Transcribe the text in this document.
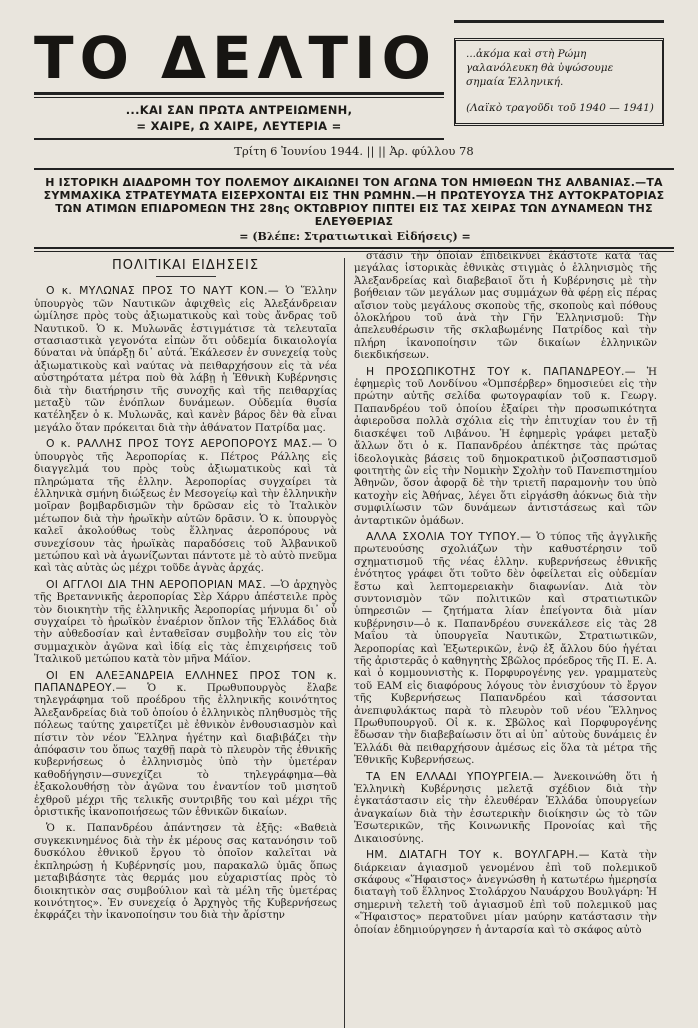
ΤΟ ΔΕΛΤΙΟ
...ΚΑΙ ΣΑΝ ΠΡΩΤΑ ΑΝΤΡΕΙΩΜΕΝΗ,
= ΧΑΙΡΕ, Ω ΧΑΙΡΕ, ΛΕΥΤΕΡΙΑ =
...ἀκόμα καὶ στὴ Ρώμη γαλανόλευκη θὰ ὑψώσουμε σημαία Ἑλληνική.
(Λαϊκὸ τραγοῦδι τοῦ 1940 — 1941)
Τρίτη 6 Ἰουνίου 1944. || || Ἀρ. φύλλου 78
Η ΙΣΤΟΡΙΚΗ ΔΙΑΔΡΟΜΗ ΤΟΥ ΠΟΛΕΜΟΥ ΔΙΚΑΙΩΝΕΙ ΤΟΝ ΑΓΩΝΑ ΤΟΝ ΗΜΙΘΕΩΝ ΤΗΣ ΑΛΒΑΝΙΑΣ.—ΤΑ ΣΥΜΜΑΧΙΚΑ ΣΤΡΑΤΕΥΜΑΤΑ ΕΙΣΕΡΧΟΝΤΑΙ ΕΙΣ ΤΗΝ ΡΩΜΗΝ.—Η ΠΡΩΤΕΥΟΥΣΑ ΤΗΣ ΑΥΤΟΚΡΑΤΟΡΙΑΣ ΤΩΝ ΑΤΙΜΩΝ ΕΠΙΔΡΟΜΕΩΝ ΤΗΣ 28ης ΟΚΤΩΒΡΙΟΥ ΠΙΠΤΕΙ ΕΙΣ ΤΑΣ ΧΕΙΡΑΣ ΤΩΝ ΔΥΝΑΜΕΩΝ ΤΗΣ ΕΛΕΥΘΕΡΙΑΣ
= (Βλέπε: Στρατιωτικαὶ Εἰδήσεις) =
ΠΟΛΙΤΙΚΑΙ ΕΙΔΗΣΕΙΣ

Ο κ. ΜΥΛΩΝΑΣ ΠΡΟΣ ΤΟ ΝΑΥΤ ΚΟΝ.— Ὁ Ἕλλην ὑπουργὸς τῶν Ναυτικῶν ἀφιχθεὶς εἰς Ἀλεξάνδρειαν ὡμίλησε πρὸς τοὺς ἀξιωματικοὺς καὶ τοὺς ἄνδρας τοῦ Ναυτικοῦ. Ὁ κ. Μυλωνᾶς ἐστιγμάτισε τὰ τελευταῖα στασιαστικὰ γεγονότα εἰπὼν ὅτι οὐδεμία δικαιολογία δύναται νὰ ὑπάρξῃ δι᾽ αὐτά. Ἐκάλεσεν ἐν συνεχείᾳ τοὺς ἀξιωματικοὺς καὶ ναύτας νὰ πειθαρχήσουν εἰς τὰ νέα αὐστηρότατα μέτρα ποὺ θὰ λάβῃ ἡ Ἐθνικὴ Κυβέρνησις διὰ τὴν διατήρησιν τῆς συνοχῆς καὶ τῆς πειθαρχίας μεταξὺ τῶν ἐνόπλων δυνάμεων. Οὐδεμία θυσία κατέληξεν ὁ κ. Μυλωνᾶς, καὶ κανὲν βάρος δὲν θὰ εἶναι μεγάλο ὅταν πρόκειται διὰ τὴν ἀθάνατον Πατρίδα μας.

Ο κ. ΡΑΛΛΗΣ ΠΡΟΣ ΤΟΥΣ ΑΕΡΟΠΟΡΟΥΣ ΜΑΣ.— Ὁ ὑπουργὸς τῆς Ἀεροπορίας κ. Πέτρος Ράλλης εἰς διαγγελμά του πρὸς τοὺς ἀξιωματικοὺς καὶ τὰ πληρώματα τῆς ἑλλην. Ἀεροπορίας συγχαίρει τὰ ἑλληνικὰ σμήνη διώξεως ἐν Μεσογείῳ καὶ τὴν ἑλληνικὴν μοῖραν βομβαρδισμῶν τὴν δρῶσαν εἰς τὸ Ἰταλικὸν μέτωπον διὰ τὴν ἡρωϊκὴν αὐτῶν δρᾶσιν. Ὁ κ. ὑπουργὸς καλεῖ ἀκολούθως τοὺς ἕλληνας ἀεροπόρους νὰ συνεχίσουν τὰς ἡρωϊκὰς παραδόσεις τοῦ Ἀλβανικοῦ μετώπου καὶ νὰ ἀγωνίζωνται πάντοτε μὲ τὸ αὐτὸ πνεῦμα καὶ τὰς αὐτὰς ὡς μέχρι τοῦδε ἀγνὰς ἀρχάς.

ΟΙ ΑΓΓΛΟΙ ΔΙΑ ΤΗΝ ΑΕΡΟΠΟΡΙΑΝ ΜΑΣ. —Ὁ ἀρχηγὸς τῆς Βρεταννικῆς ἀεροπορίας Σὲρ Χάρρυ ἀπέστειλε πρὸς τὸν διοικητὴν τῆς ἑλληνικῆς Ἀεροπορίας μήνυμα δι᾽ οὗ συγχαίρει τὸ ἡρωϊκὸν ἐναέριον ὅπλον τῆς Ἑλλάδος διὰ τὴν αὐθεδοσίαν καὶ ἐνταθεῖσαν συμβολὴν του εἰς τὸν συμμαχικὸν ἀγῶνα καὶ ἰδίᾳ εἰς τὰς ἐπιχειρήσεις τοῦ Ἰταλικοῦ μετώπου κατὰ τὸν μῆνα Μάϊον.

ΟΙ ΕΝ ΑΛΕΞΑΝΔΡΕΙΑ ΕΛΛΗΝΕΣ ΠΡΟΣ ΤΟΝ κ. ΠΑΠΑΝΔΡΕΟΥ.— Ὁ κ. Πρωθυπουργὸς ἔλαβε τηλεγράφημα τοῦ προέδρου τῆς ἑλληνικῆς κοινότητος Ἀλεξανδρείας διὰ τοῦ ὁποίου ὁ ἑλληνικὸς πληθυσμὸς τῆς πόλεως ταύτης χαιρετίζει μὲ ἐθνικὸν ἐνθουσιασμὸν καὶ πίστιν τὸν νέον Ἕλληνα ἡγέτην καὶ διαβιβάζει τὴν ἀπόφασιν του ὅπως ταχθῇ παρὰ τὸ πλευρὸν τῆς ἐθνικῆς κυβερνήσεως ὁ ἑλληνισμὸς ὑπὸ τὴν ὑμετέραν καθοδήγησιν—συνεχίζει τὸ τηλεγράφημα—θὰ ἐξακολουθήσῃ τὸν ἀγῶνα του ἐναντίον τοῦ μισητοῦ ἐχθροῦ μέχρι τῆς τελικῆς συντριβῆς του καὶ μέχρι τῆς ὁριστικῆς ἱκανοποιήσεως τῶν ἐθνικῶν δικαίων.

Ὁ κ. Παπανδρέου ἀπάντησεν τὰ ἑξῆς: «Βαθειὰ συγκεκινημένος διὰ τὴν ἐκ μέρους σας κατανόησιν τοῦ δυσκόλου ἐθνικοῦ ἔργου τὸ ὁποῖον καλεῖται νὰ ἐκπληρώσῃ ἡ Κυβέρνησίς μου, παρακαλῶ ὑμᾶς ὅπως μεταβιβάσητε τὰς θερμάς μου εὐχαριστίας πρὸς τὸ διοικητικὸν σας συμβούλιον καὶ τὰ μέλη τῆς ὑμετέρας κοινότητος». Ἐν συνεχείᾳ ὁ Ἀρχηγὸς τῆς Κυβερνήσεως ἐκφράζει τὴν ἱκανοποίησιν του διὰ τὴν ἄρίστην

στάσιν τὴν ὁποίαν ἐπιδεικνύει ἑκάστοτε κατὰ τὰς μεγάλας ἱστορικὰς ἐθνικὰς στιγμὰς ὁ ἑλληνισμὸς τῆς Ἀλεξανδρείας καὶ διαβεβαιοῖ ὅτι ἡ Κυβέρνησις μὲ τὴν βοήθειαν τῶν μεγάλων μας συμμάχων θὰ φέρῃ εἰς πέρας αἴσιον τοὺς μεγάλους σκοποὺς τῆς, σκοποὺς καὶ πόθους ὁλοκλήρου τοῦ ἀνὰ τὴν Γῆν Ἑλληνισμοῦ: Τὴν ἀπελευθέρωσιν τῆς σκλαβωμένης Πατρίδος καὶ τὴν πλήρη ἱκανοποίησιν τῶν δικαίων ἑλληνικῶν διεκδικήσεων.

Η ΠΡΟΣΩΠΙΚΟΤΗΣ ΤΟΥ κ. ΠΑΠΑΝΔΡΕΟΥ.— Ἡ ἐφημερὶς τοῦ Λονδίνου «Ὀμπσέρβερ» δημοσιεύει εἰς τὴν πρώτην αὐτῆς σελίδα φωτογραφίαν τοῦ κ. Γεωργ. Παπανδρέου τοῦ ὁποίου ἐξαίρει τὴν προσωπικότητα ἀφιεροῦσα πολλὰ σχόλια εἰς τὴν ἐπιτυχίαν του ἐν τῇ διασκέψει τοῦ Λιβάνου. Ἡ ἐφημερὶς γράφει μεταξὺ ἄλλων ὅτι ὁ κ. Παπανδρέου ἀπέκτησε τὰς πρώτας ἰδεολογικὰς βάσεις τοῦ δημοκρατικοῦ ῥιζοσπαστισμοῦ φοιτητὴς ὢν εἰς τὴν Νομικὴν Σχολὴν τοῦ Πανεπιστημίου Ἀθηνῶν, ὅσον ἀφορᾷ δὲ τὴν τριετῆ παραμονὴν του ὑπὸ κατοχὴν εἰς Ἀθήνας, λέγει ὅτι εἰργάσθη ἀόκνως διὰ τὴν συμφιλίωσιν τῶν δυνάμεων ἀντιστάσεως καὶ τῶν ἀνταρτικῶν ὁμάδων.

ΑΛΛΑ ΣΧΟΛΙΑ ΤΟΥ ΤΥΠΟΥ.— Ὁ τύπος τῆς ἀγγλικῆς πρωτευούσης σχολιάζων τὴν καθυστέρησιν τοῦ σχηματισμοῦ τῆς νέας ἑλλην. κυβερνήσεως ἐθνικῆς ἑνότητος γράφει ὅτι τοῦτο δὲν ὀφείλεται εἰς οὐδεμίαν ἔστω καὶ λεπτομερειακὴν διαφωνίαν. Διὰ τὸν συντονισμὸν τῶν πολιτικῶν καὶ στρατιωτικῶν ὑπηρεσιῶν — ζητήματα λίαν ἐπείγοντα διὰ μίαν κυβέρνησιν—ὁ κ. Παπανδρέου συνεκάλεσε εἰς τὰς 28 Μαΐου τὰ ὑπουργεῖα Ναυτικῶν, Στρατιωτικῶν, Ἀεροπορίας καὶ Ἐξωτερικῶν, ἐνῷ ἐξ ἄλλου δύο ἡγέται τῆς ἀριστερᾶς ὁ καθηγητὴς Σβῶλος πρόεδρος τῆς Π. Ε. Α. καὶ ὁ κομμουνιστὴς κ. Πορφυρογένης γεν. γραμματεὺς τοῦ ΕΑΜ εἰς διαφόρους λόγους τὸν ἐνισχύουν τὸ ἔργον τῆς Κυβερνήσεως Παπανδρέου καὶ τάσσονται ἀνεπιφυλάκτως παρὰ τὸ πλευρὸν τοῦ νέου Ἕλληνος Πρωθυπουργοῦ. Οἱ κ. κ. Σβῶλος καὶ Πορφυρογένης ἔδωσαν τὴν διαβεβαίωσιν ὅτι αἱ ὑπ᾽ αὐτοὺς δυνάμεις ἐν Ἑλλάδι θὰ πειθαρχήσουν ἀμέσως εἰς ὅλα τὰ μέτρα τῆς Ἐθνικῆς Κυβερνήσεως.

ΤΑ ΕΝ ΕΛΛΑΔΙ ΥΠΟΥΡΓΕΙΑ.— Ἀνεκοινώθη ὅτι ἡ Ἑλληνικὴ Κυβέρνησις μελετᾷ σχέδιον διὰ τὴν ἐγκατάστασιν εἰς τὴν ἐλευθέραν Ἑλλάδα ὑπουργείων ἀναγκαίων διὰ τὴν ἐσωτερικὴν διοίκησιν ὡς τὸ τῶν Ἐσωτερικῶν, τῆς Κοινωνικῆς Προνοίας καὶ τῆς Δικαιοσύνης.

ΗΜ. ΔΙΑΤΑΓΗ ΤΟΥ κ. ΒΟΥΛΓΑΡΗ.— Κατὰ τὴν διάρκειαν ἀγιασμοῦ γενομένου ἐπὶ τοῦ πολεμικοῦ σκάφους «Ἥφαιστος» ἀνεγνώσθη ἡ κατωτέρω ἡμερησία διαταγὴ τοῦ ἕλληνος Στολάρχου Ναυάρχου Βουλγάρη: Ἡ σημερινὴ τελετὴ τοῦ ἀγιασμοῦ ἐπὶ τοῦ πολεμικοῦ μας «Ἥφαιστος» περατοῦνει μίαν μαύρην κατάστασιν τὴν ὁποίαν ἐδημιούργησεν ἡ ἀνταρσία καὶ τὸ σκάφος αὐτὸ
